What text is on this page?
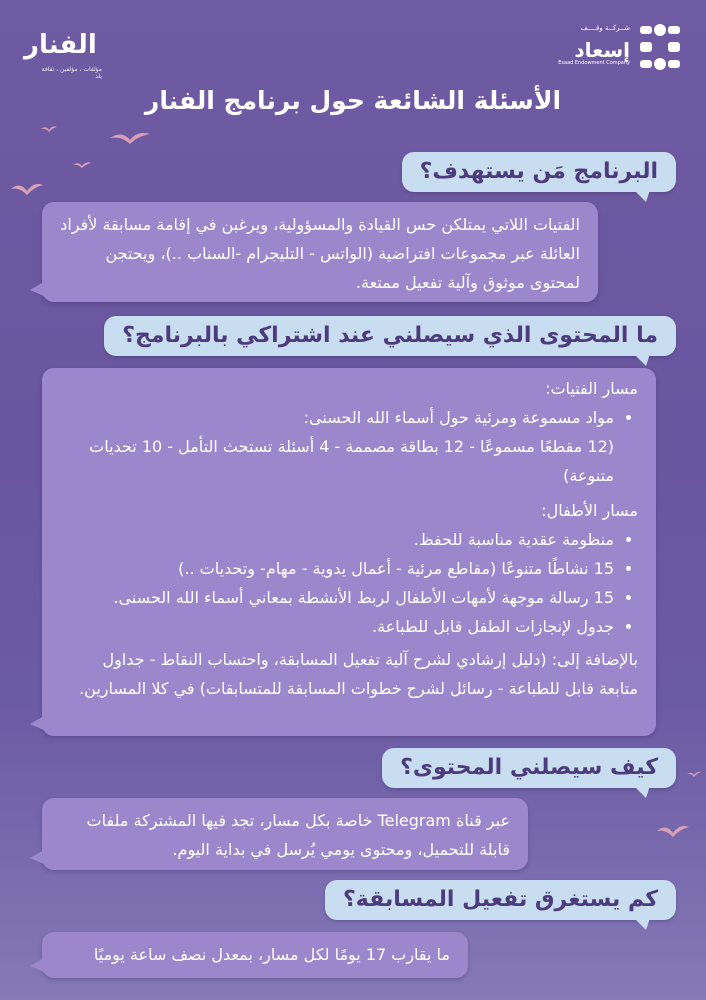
الفنار
مؤلفات ، مؤلفين ، ثقافة يلد
شــركــة وقــــف
إسعاد
Esaad Endowment Company
الأسئلة الشائعة حول برنامج الفنار
البرنامج مَن يستهدف؟

الفتيات اللاتي يمتلكن حس القيادة والمسؤولية، ويرغبن في إقامة مسابقة لأفراد العائلة عبر مجموعات افتراضية (الواتس - التليجرام -السناب ..)، ويحتجن لمحتوى موثوق وآلية تفعيل ممتعة.

ما المحتوى الذي سيصلني عند اشتراكي بالبرنامج؟

مسار الفتيات:

• مواد مسموعة ومرئية حول أسماء الله الحسنى:

(12 مقطعًا مسموعًا - 12 بطاقة مصممة - 4 أسئلة تستحث التأمل - 10 تحديات متنوعة)

مسار الأطفال:

• منظومة عقدية مناسبة للحفظ.
• 15 نشاطًا متنوعًا (مقاطع مرئية - أعمال يدوية - مهام- وتحديات ..)
• 15 رسالة موجهة لأمهات الأطفال لربط الأنشطة بمعاني أسماء الله الحسنى.
• جدول لإنجازات الطفل قابل للطباعة.

بالإضافة إلى: (دليل إرشادي لشرح آلية تفعيل المسابقة، واحتساب النقاط - جداول متابعة قابل للطباعة - رسائل لشرح خطوات المسابقة للمتسابقات) في كلا المسارين.

كيف سيصلني المحتوى؟

عبر قناة Telegram خاصة بكل مسار، تجد فيها المشتركة ملفات قابلة للتحميل، ومحتوى يومي يُرسل في بداية اليوم.

كم يستغرق تفعيل المسابقة؟

ما يقارب 17 يومًا لكل مسار، بمعدل نصف ساعة يوميًا
